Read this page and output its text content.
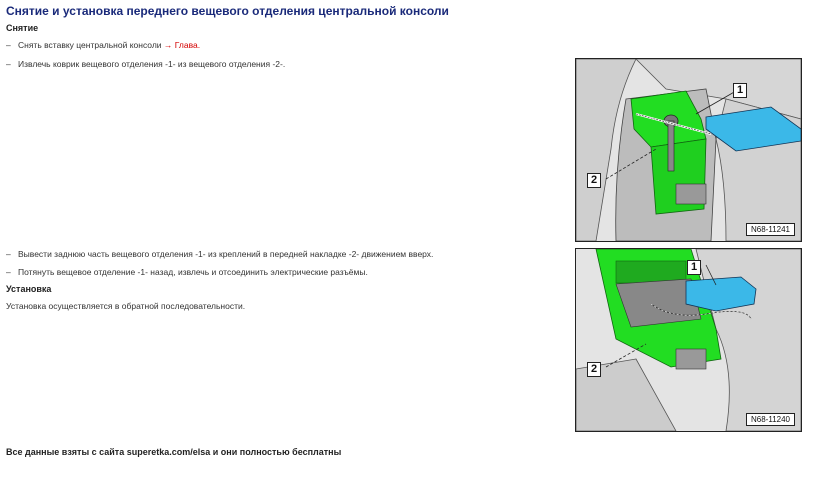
Снятие и установка переднего вещевого отделения центральной консоли
Снятие
– Снять вставку центральной консоли → Глава.
– Извлечь коврик вещевого отделения -1- из вещевого отделения -2-.
– Вывести заднюю часть вещевого отделения -1- из креплений в передней накладке -2- движением вверх.
– Потянуть вещевое отделение -1- назад, извлечь и отсоединить электрические разъёмы.
Установка
Установка осуществляется в обратной последовательности.
1
2
N68-11241
1
2
N68-11240
Все данные взяты с сайта superetka.com/elsa и они полностью бесплатны
